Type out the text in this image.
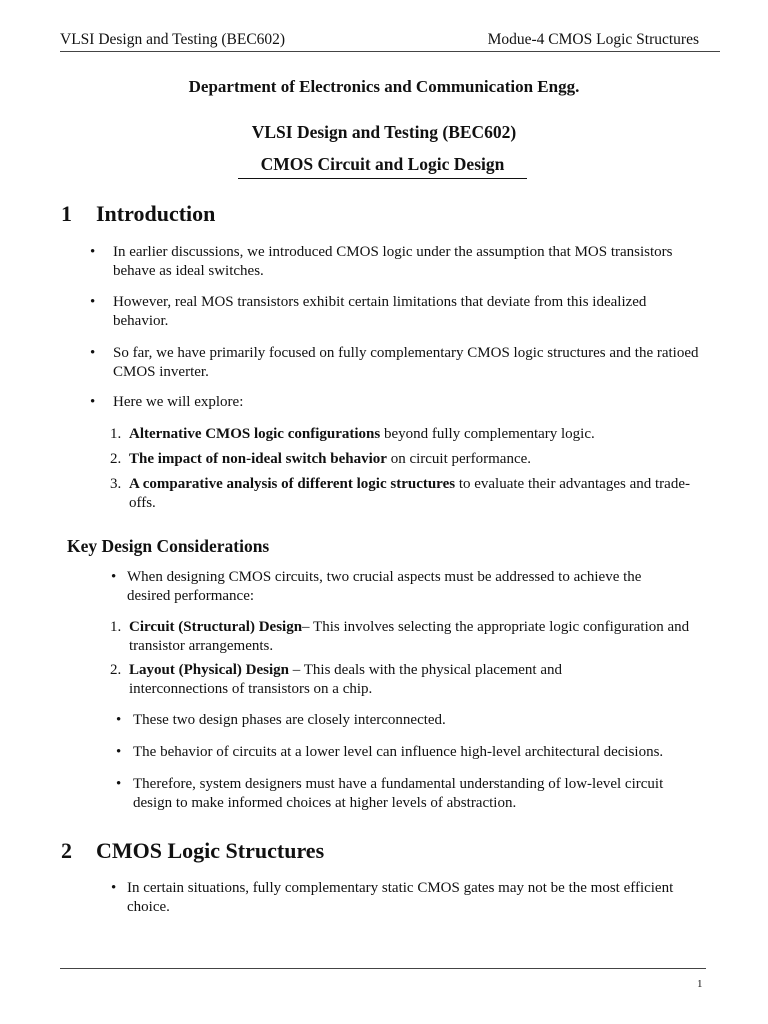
VLSI Design and Testing (BEC602)	Modue-4 CMOS Logic Structures
Department of Electronics and Communication Engg.
VLSI Design and Testing (BEC602)
CMOS Circuit and Logic Design
1 Introduction
• In earlier discussions, we introduced CMOS logic under the assumption that MOS transistors behave as ideal switches.
• However, real MOS transistors exhibit certain limitations that deviate from this idealized behavior.
• So far, we have primarily focused on fully complementary CMOS logic structures and the ratioed CMOS inverter.
• Here we will explore:
1. Alternative CMOS logic configurations beyond fully complementary logic.
2. The impact of non-ideal switch behavior on circuit performance.
3. A comparative analysis of different logic structures to evaluate their advantages and trade-offs.
Key Design Considerations
• When designing CMOS circuits, two crucial aspects must be addressed to achieve the desired performance:
1. Circuit (Structural) Design– This involves selecting the appropriate logic configuration and transistor arrangements.
2. Layout (Physical) Design – This deals with the physical placement and interconnections of transistors on a chip.
• These two design phases are closely interconnected.
• The behavior of circuits at a lower level can influence high-level architectural decisions.
• Therefore, system designers must have a fundamental understanding of low-level circuit design to make informed choices at higher levels of abstraction.
2 CMOS Logic Structures
• In certain situations, fully complementary static CMOS gates may not be the most efficient choice.
1
